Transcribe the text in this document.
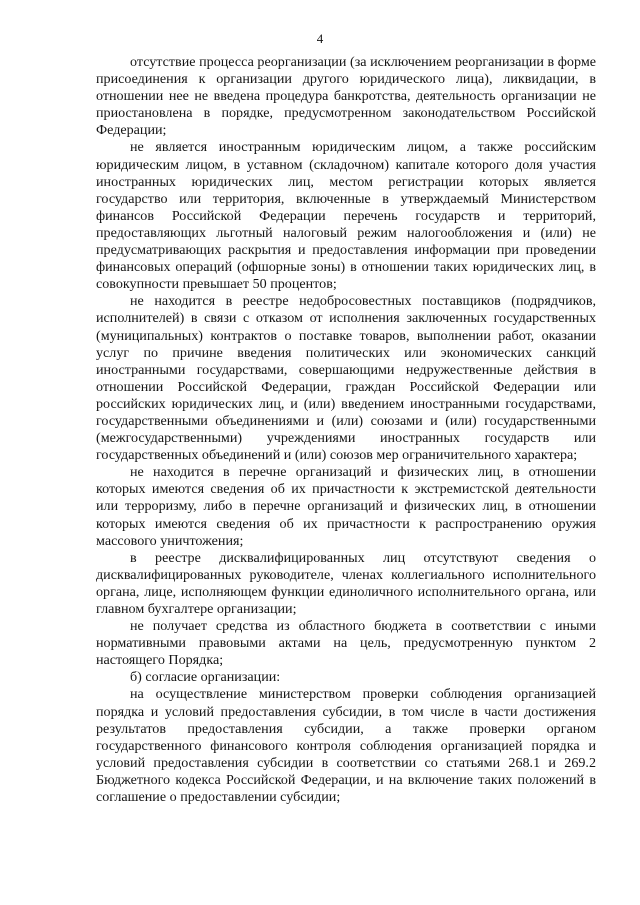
4

отсутствие процесса реорганизации (за исключением реорганизации в форме присоединения к организации другого юридического лица), ликвидации, в отношении нее не введена процедура банкротства, деятельность организации не приостановлена в порядке, предусмотренном законодательством Российской Федерации;

не является иностранным юридическим лицом, а также российским юридическим лицом, в уставном (складочном) капитале которого доля участия иностранных юридических лиц, местом регистрации которых является государство или территория, включенные в утверждаемый Министерством финансов Российской Федерации перечень государств и территорий, предоставляющих льготный налоговый режим налогообложения и (или) не предусматривающих раскрытия и предоставления информации при проведении финансовых операций (офшорные зоны) в отношении таких юридических лиц, в совокупности превышает 50 процентов;

не находится в реестре недобросовестных поставщиков (подрядчиков, исполнителей) в связи с отказом от исполнения заключенных государственных (муниципальных) контрактов о поставке товаров, выполнении работ, оказании услуг по причине введения политических или экономических санкций иностранными государствами, совершающими недружественные действия в отношении Российской Федерации, граждан Российской Федерации или российских юридических лиц, и (или) введением иностранными государствами, государственными объединениями и (или) союзами и (или) государственными (межгосударственными) учреждениями иностранных государств или государственных объединений и (или) союзов мер ограничительного характера;

не находится в перечне организаций и физических лиц, в отношении которых имеются сведения об их причастности к экстремистской деятельности или терроризму, либо в перечне организаций и физических лиц, в отношении которых имеются сведения об их причастности к распространению оружия массового уничтожения;

в реестре дисквалифицированных лиц отсутствуют сведения о дисквалифицированных руководителе, членах коллегиального исполнительного органа, лице, исполняющем функции единоличного исполнительного органа, или главном бухгалтере организации;

не получает средства из областного бюджета в соответствии с иными нормативными правовыми актами на цель, предусмотренную пунктом 2 настоящего Порядка;

б) согласие организации:

на осуществление министерством проверки соблюдения организацией порядка и условий предоставления субсидии, в том числе в части достижения результатов предоставления субсидии, а также проверки органом государственного финансового контроля соблюдения организацией порядка и условий предоставления субсидии в соответствии со статьями 268.1 и 269.2 Бюджетного кодекса Российской Федерации, и на включение таких положений в соглашение о предоставлении субсидии;
